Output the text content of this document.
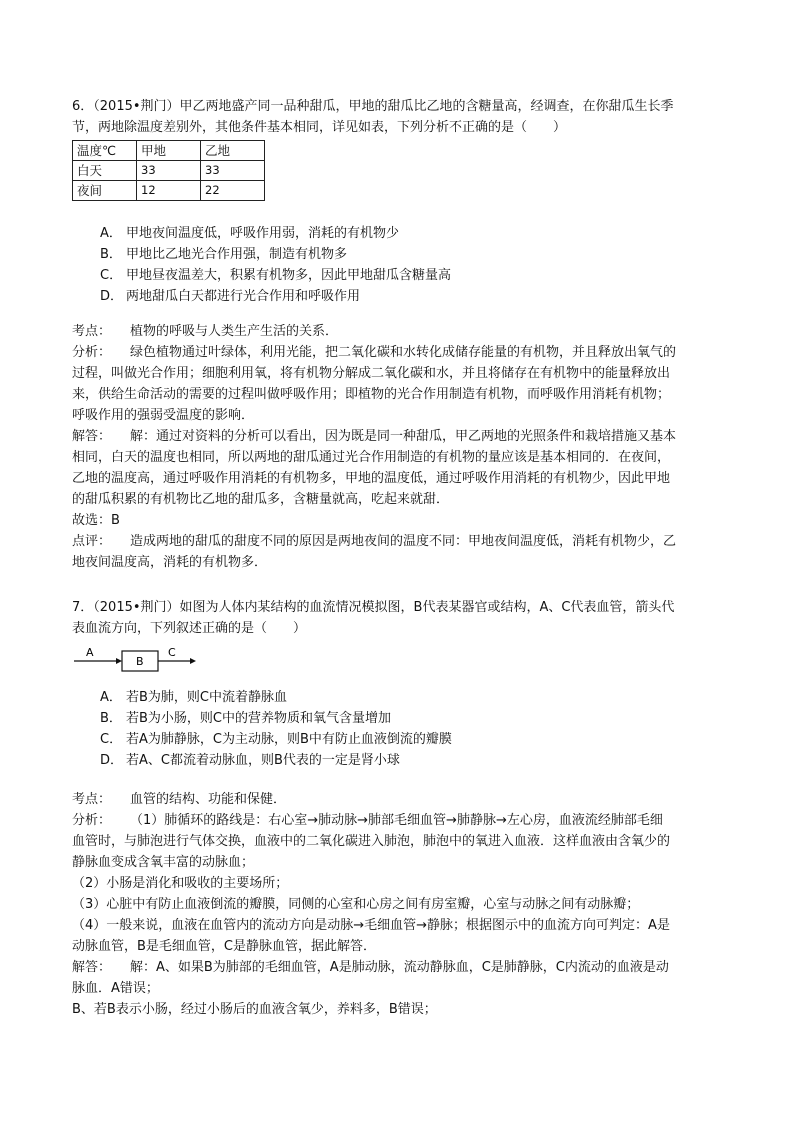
6．（2015•荆门）甲乙两地盛产同一品种甜瓜，甲地的甜瓜比乙地的含糖量高，经调查，在你甜瓜生长季
节，两地除温度差别外，其他条件基本相同，详见如表，下列分析不正确的是（　　）
温度℃	甲地	乙地
白天	33	33
夜间	12	22
A． 甲地夜间温度低，呼吸作用弱，消耗的有机物少
B． 甲地比乙地光合作用强，制造有机物多
C． 甲地昼夜温差大，积累有机物多，因此甲地甜瓜含糖量高
D． 两地甜瓜白天都进行光合作用和呼吸作用
考点： 植物的呼吸与人类生产生活的关系．
分析： 绿色植物通过叶绿体，利用光能，把二氧化碳和水转化成储存能量的有机物，并且释放出氧气的
过程，叫做光合作用；细胞利用氧，将有机物分解成二氧化碳和水，并且将储存在有机物中的能量释放出
来，供给生命活动的需要的过程叫做呼吸作用；即植物的光合作用制造有机物，而呼吸作用消耗有机物；
呼吸作用的强弱受温度的影响．
解答： 解：通过对资料的分析可以看出，因为既是同一种甜瓜，甲乙两地的光照条件和栽培措施又基本
相同，白天的温度也相同，所以两地的甜瓜通过光合作用制造的有机物的量应该是基本相同的．在夜间，
乙地的温度高，通过呼吸作用消耗的有机物多，甲地的温度低，通过呼吸作用消耗的有机物少，因此甲地
的甜瓜积累的有机物比乙地的甜瓜多，含糖量就高，吃起来就甜．
故选：B
点评： 造成两地的甜瓜的甜度不同的原因是两地夜间的温度不同：甲地夜间温度低，消耗有机物少，乙
地夜间温度高，消耗的有机物多．
7．（2015•荆门）如图为人体内某结构的血流情况模拟图，B代表某器官或结构，A、C代表血管，箭头代
表血流方向，下列叙述正确的是（　　）
A
B
C
A． 若B为肺，则C中流着静脉血
B． 若B为小肠，则C中的营养物质和氧气含量增加
C． 若A为肺静脉，C为主动脉，则B中有防止血液倒流的瓣膜
D． 若A、C都流着动脉血，则B代表的一定是肾小球
考点： 血管的结构、功能和保健．
分析： （1）肺循环的路线是：右心室→肺动脉→肺部毛细血管→肺静脉→左心房，血液流经肺部毛细
血管时，与肺泡进行气体交换，血液中的二氧化碳进入肺泡，肺泡中的氧进入血液．这样血液由含氧少的
静脉血变成含氧丰富的动脉血；
（2）小肠是消化和吸收的主要场所；
（3）心脏中有防止血液倒流的瓣膜，同侧的心室和心房之间有房室瓣，心室与动脉之间有动脉瓣；
（4）一般来说，血液在血管内的流动方向是动脉→毛细血管→静脉；根据图示中的血流方向可判定：A是
动脉血管，B是毛细血管，C是静脉血管，据此解答．
解答： 解：A、如果B为肺部的毛细血管，A是肺动脉，流动静脉血，C是肺静脉，C内流动的血液是动
脉血．A错误；
B、若B表示小肠，经过小肠后的血液含氧少，养料多，B错误；
